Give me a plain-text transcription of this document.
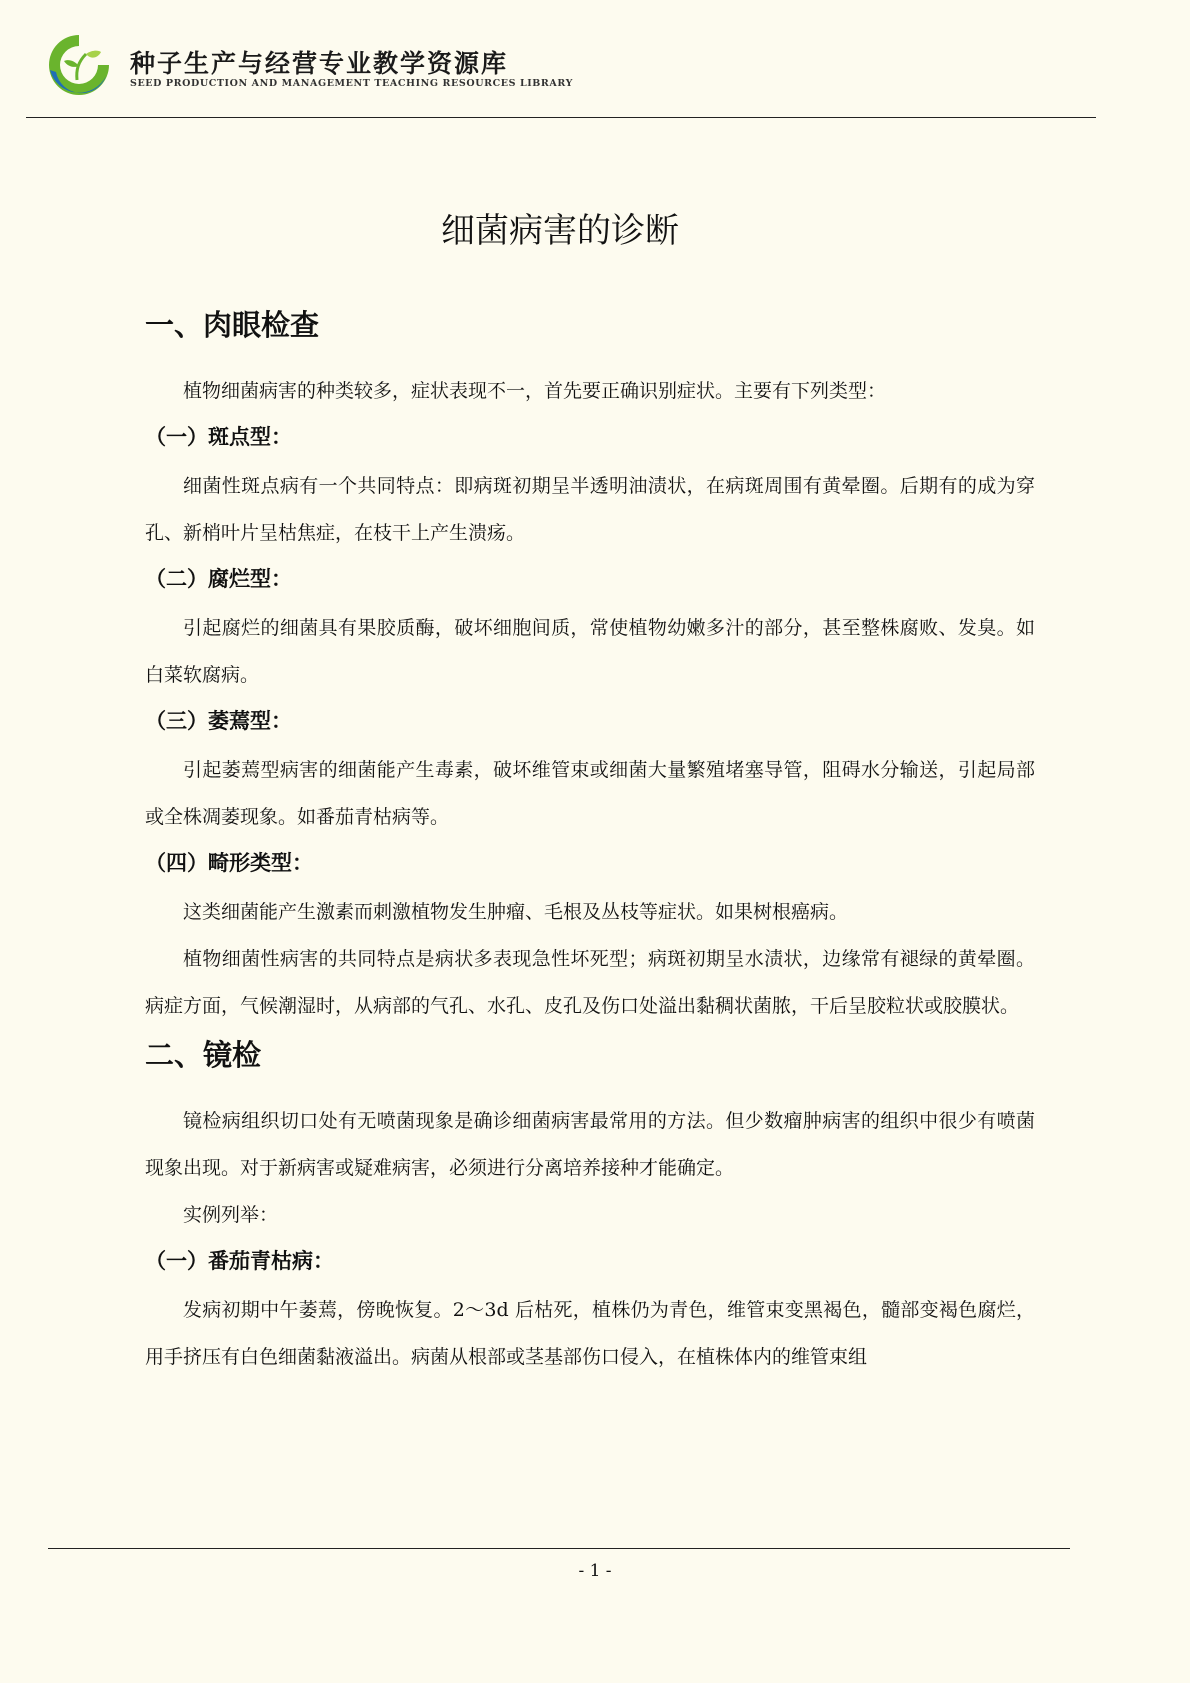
种子生产与经营专业教学资源库
SEED PRODUCTION AND MANAGEMENT TEACHING RESOURCES LIBRARY
细菌病害的诊断
一、肉眼检查

植物细菌病害的种类较多，症状表现不一，首先要正确识别症状。主要有下列类型：

（一）斑点型：

细菌性斑点病有一个共同特点：即病斑初期呈半透明油渍状，在病斑周围有黄晕圈。后期有的成为穿孔、新梢叶片呈枯焦症，在枝干上产生溃疡。

（二）腐烂型：

引起腐烂的细菌具有果胶质酶，破坏细胞间质，常使植物幼嫩多汁的部分，甚至整株腐败、发臭。如白菜软腐病。

（三）萎蔫型：

引起萎蔫型病害的细菌能产生毒素，破坏维管束或细菌大量繁殖堵塞导管，阻碍水分输送，引起局部或全株凋萎现象。如番茄青枯病等。

（四）畸形类型：

这类细菌能产生激素而刺激植物发生肿瘤、毛根及丛枝等症状。如果树根癌病。

植物细菌性病害的共同特点是病状多表现急性坏死型；病斑初期呈水渍状，边缘常有褪绿的黄晕圈。病症方面，气候潮湿时，从病部的气孔、水孔、皮孔及伤口处溢出黏稠状菌脓，干后呈胶粒状或胶膜状。

二、镜检

镜检病组织切口处有无喷菌现象是确诊细菌病害最常用的方法。但少数瘤肿病害的组织中很少有喷菌现象出现。对于新病害或疑难病害，必须进行分离培养接种才能确定。

实例列举：

（一）番茄青枯病：

发病初期中午萎蔫，傍晚恢复。2～3d 后枯死，植株仍为青色，维管束变黑褐色，髓部变褐色腐烂，用手挤压有白色细菌黏液溢出。病菌从根部或茎基部伤口侵入，在植株体内的维管束组

- 1 -
